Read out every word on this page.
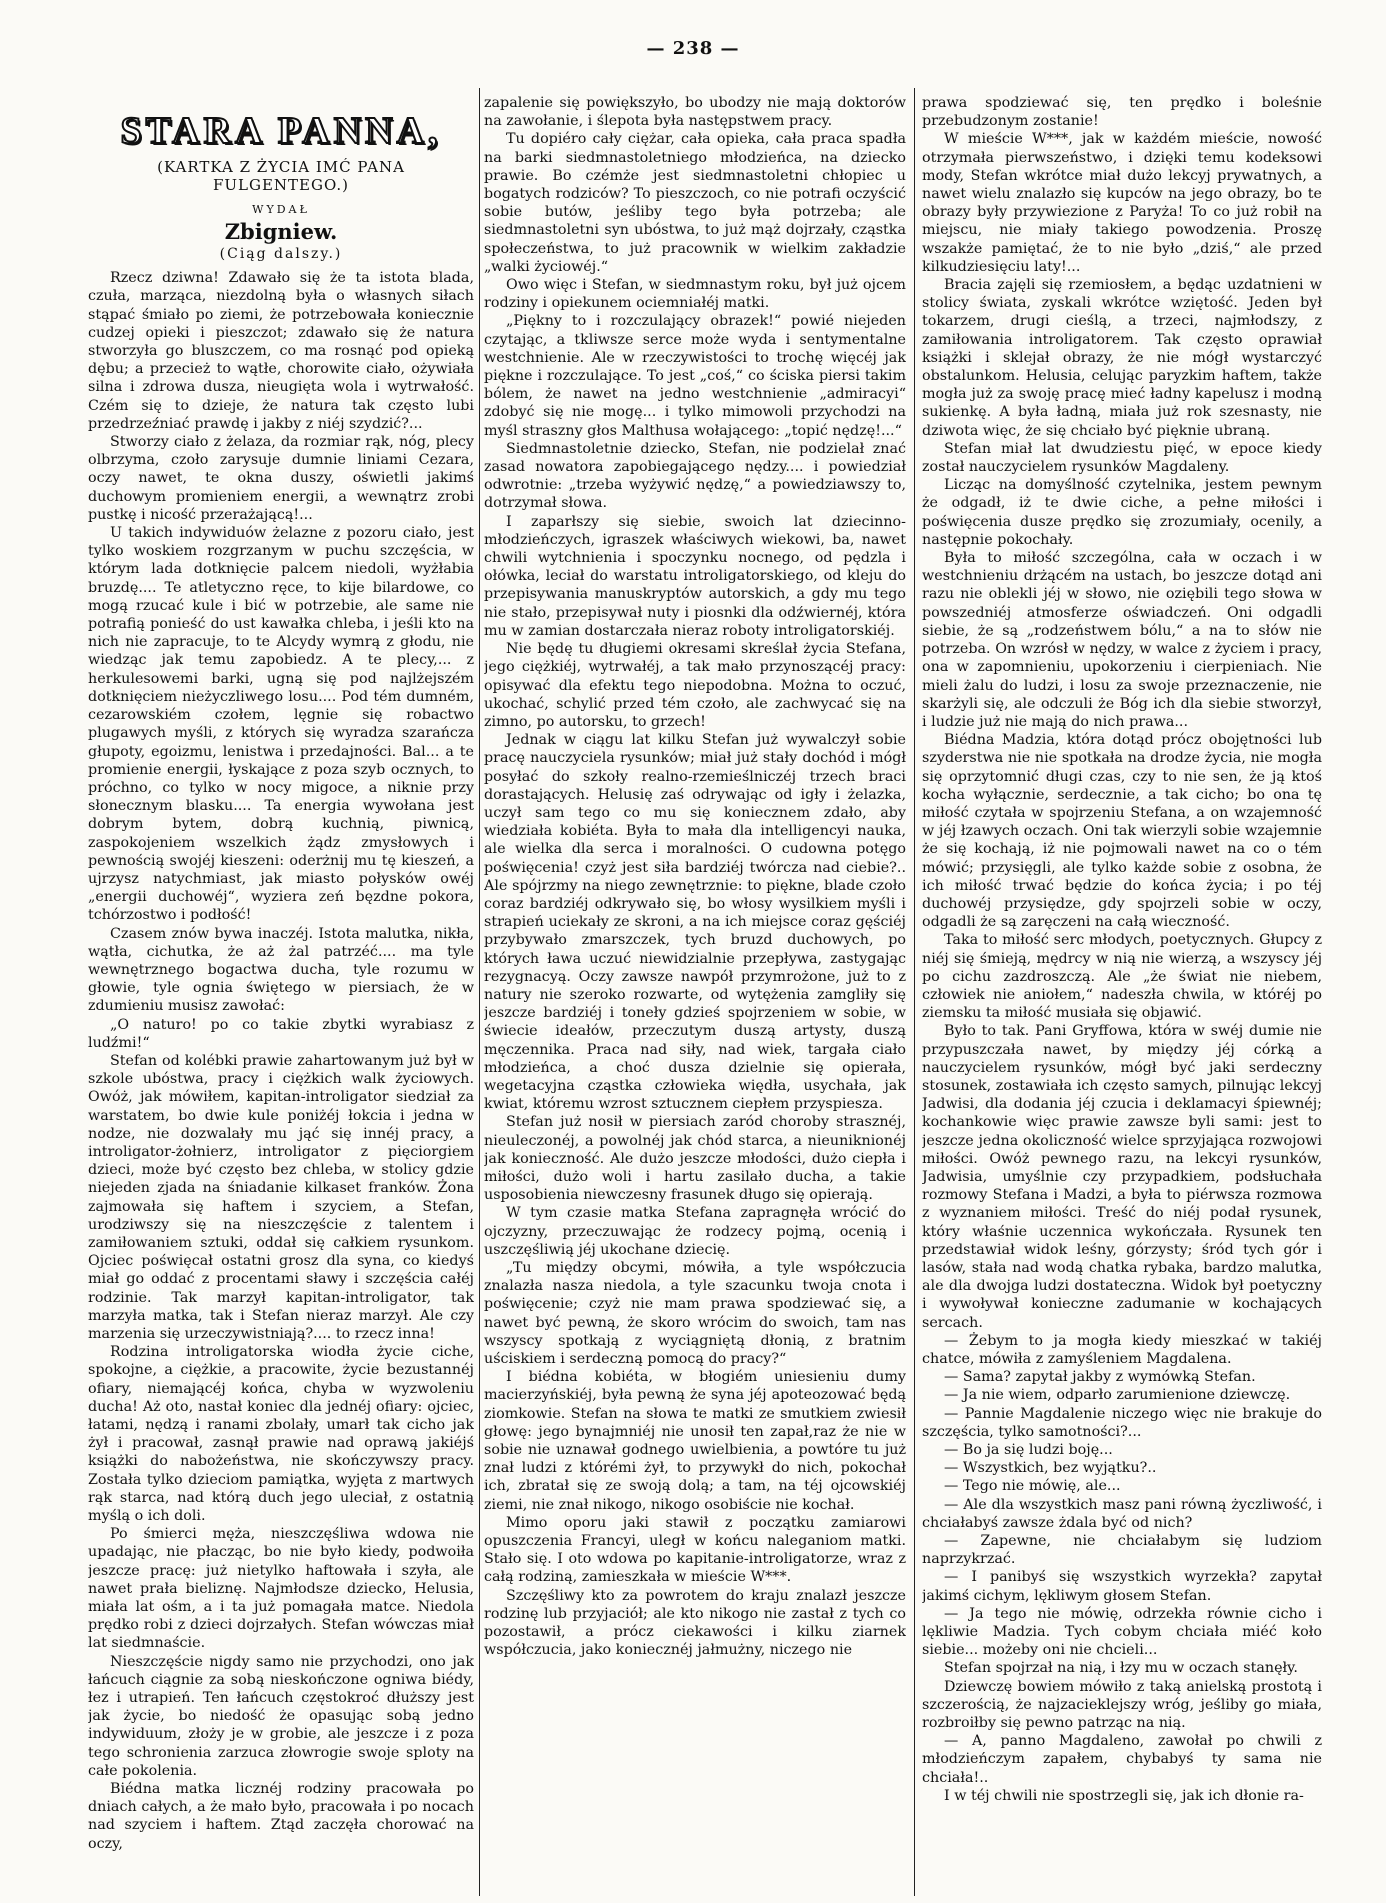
— 238 —
STARA PANNA,
(KARTKA Z ŻYCIA IMĆ PANA FULGENTEGO.)
WYDAŁ
Zbigniew.
(Ciąg dalszy.)

Rzecz dziwna! Zdawało się że ta istota blada, czuła, marząca, niezdolną była o własnych siłach stąpać śmiało po ziemi, że potrzebowała koniecznie cudzej opieki i pieszczot; zdawało się że natura stworzyła go bluszczem, co ma rosnąć pod opieką dębu; a przecież to wątłe, chorowite ciało, ożywiała silna i zdrowa dusza, nieugięta wola i wytrwałość. Czém się to dzieje, że natura tak często lubi przedrzeźniać prawdę i jakby z niéj szydzić?...

Stworzy ciało z żelaza, da rozmiar rąk, nóg, plecy olbrzyma, czoło zarysuje dumnie liniami Cezara, oczy nawet, te okna duszy, oświetli jakimś duchowym promieniem energii, a wewnątrz zrobi pustkę i nicość przerażającą!...

U takich indywiduów żelazne z pozoru ciało, jest tylko woskiem rozgrzanym w puchu szczęścia, w którym lada dotknięcie palcem niedoli, wyżłabia bruzdę.... Te atletyczno ręce, to kije bilardowe, co mogą rzucać kule i bić w potrzebie, ale same nie potrafią ponieść do ust kawałka chleba, i jeśli kto na nich nie zapracuje, to te Alcydy wymrą z głodu, nie wiedząc jak temu zapobiedz. A te plecy,... z herkulesowemi barki, ugną się pod najlżejszém dotknięciem nieżyczliwego losu.... Pod tém dumném, cezarowskiém czołem, lęgnie się robactwo plugawych myśli, z których się wyradza szarańcza głupoty, egoizmu, lenistwa i przedajności. Bal... a te promienie energii, łyskające z poza szyb ocznych, to próchno, co tylko w nocy migoce, a niknie przy słonecznym blasku.... Ta energia wywołana jest dobrym bytem, dobrą kuchnią, piwnicą, zaspokojeniem wszelkich żądz zmysłowych i pewnością swojéj kieszeni: oderżnij mu tę kieszeń, a ujrzysz natychmiast, jak miasto połysków owéj „energii duchowéj“, wyziera zeń bęzdne pokora, tchórzostwo i podłość!

Czasem znów bywa inaczéj. Istota malutka, nikła, wątła, cichutka, że aż żal patrzéć.... ma tyle wewnętrznego bogactwa ducha, tyle rozumu w głowie, tyle ognia świętego w piersiach, że w zdumieniu musisz zawołać:

„O naturo! po co takie zbytki wyrabiasz z ludźmi!“

Stefan od kolébki prawie zahartowanym już był w szkole ubóstwa, pracy i ciężkich walk życiowych. Owóż, jak mówiłem, kapitan-introligator siedział za warstatem, bo dwie kule poniżéj łokcia i jedna w nodze, nie dozwalały mu jąć się innéj pracy, a introligator-żołnierz, introligator z pięciorgiem dzieci, może być często bez chleba, w stolicy gdzie niejeden zjada na śniadanie kilkaset franków. Żona zajmowała się haftem i szyciem, a Stefan, urodziwszy się na nieszczęście z talentem i zamiłowaniem sztuki, oddał się całkiem rysunkom. Ojciec poświęcał ostatni grosz dla syna, co kiedyś miał go oddać z procentami sławy i szczęścia całéj rodzinie. Tak marzył kapitan-introligator, tak marzyła matka, tak i Stefan nieraz marzył. Ale czy marzenia się urzeczywistniają?.... to rzecz inna!

Rodzina introligatorska wiodła życie ciche, spokojne, a ciężkie, a pracowite, życie bezustannéj ofiary, niemającéj końca, chyba w wyzwoleniu ducha! Aż oto, nastał koniec dla jednéj ofiary: ojciec, łatami, nędzą i ranami zbolały, umarł tak cicho jak żył i pracował, zasnął prawie nad oprawą jakiéjś książki do nabożeństwa, nie skończywszy pracy. Została tylko dzieciom pamiątka, wyjęta z martwych rąk starca, nad którą duch jego uleciał, z ostatnią myślą o ich doli.

Po śmierci męża, nieszczęśliwa wdowa nie upadając, nie płacząc, bo nie było kiedy, podwoiła jeszcze pracę: już nietylko haftowała i szyła, ale nawet prała bieliznę. Najmłodsze dziecko, Helusia, miała lat ośm, a i ta już pomagała matce. Niedola prędko robi z dzieci dojrzałych. Stefan wówczas miał lat siedmnaście.

Nieszczęście nigdy samo nie przychodzi, ono jak łańcuch ciągnie za sobą nieskończone ogniwa biédy, łez i utrapień. Ten łańcuch częstokroć dłuższy jest jak życie, bo niedość że opasując sobą jedno indywiduum, złoży je w grobie, ale jeszcze i z poza tego schronienia zarzuca złowrogie swoje sploty na całe pokolenia.

Biédna matka licznéj rodziny pracowała po dniach całych, a że mało było, pracowała i po nocach nad szyciem i haftem. Ztąd zaczęła chorować na oczy,

zapalenie się powiększyło, bo ubodzy nie mają doktorów na zawołanie, i ślepota była następstwem pracy.

Tu dopiéro cały ciężar, cała opieka, cała praca spadła na barki siedmnastoletniego młodzieńca, na dziecko prawie. Bo czémże jest siedmnastoletni chłopiec u bogatych rodziców? To pieszczoch, co nie potrafi oczyścić sobie butów, jeśliby tego była potrzeba; ale siedmnastoletni syn ubóstwa, to już mąż dojrzały, cząstka społeczeństwa, to już pracownik w wielkim zakładzie „walki życiowéj.“

Owo więc i Stefan, w siedmnastym roku, był już ojcem rodziny i opiekunem ociemniałéj matki.

„Piękny to i rozczulający obrazek!“ powié niejeden czytając, a tkliwsze serce może wyda i sentymentalne westchnienie. Ale w rzeczywistości to trochę więcéj jak piękne i rozczulające. To jest „coś,“ co ściska piersi takim bólem, że nawet na jedno westchnienie „admiracyi“ zdobyć się nie mogę... i tylko mimowoli przychodzi na myśl straszny głos Malthusa wołającego: „topić nędzę!...“

Siedmnastoletnie dziecko, Stefan, nie podzielał znać zasad nowatora zapobiegającego nędzy.... i powiedział odwrotnie: „trzeba wyżywić nędzę,“ a powiedziawszy to, dotrzymał słowa.

I zaparłszy się siebie, swoich lat dziecinno-młodzieńczych, igraszek właściwych wiekowi, ba, nawet chwili wytchnienia i spoczynku nocnego, od pędzla i ołówka, leciał do warstatu introligatorskiego, od kleju do przepisywania manuskryptów autorskich, a gdy mu tego nie stało, przepisywał nuty i piosnki dla odźwiernéj, która mu w zamian dostarczała nieraz roboty introligatorskiéj.

Nie będę tu długiemi okresami skreślał życia Stefana, jego ciężkiéj, wytrwałéj, a tak mało przynoszącéj pracy: opisywać dla efektu tego niepodobna. Można to oczuć, ukochać, schylić przed tém czoło, ale zachwycać się na zimno, po autorsku, to grzech!

Jednak w ciągu lat kilku Stefan już wywalczył sobie pracę nauczyciela rysunków; miał już stały dochód i mógł posyłać do szkoły realno-rzemieślniczéj trzech braci dorastających. Helusię zaś odrywając od igły i żelazka, uczył sam tego co mu się koniecznem zdało, aby wiedziała kobiéta. Była to mała dla intelligencyi nauka, ale wielka dla serca i moralności. O cudowna potęgo poświęcenia! czyż jest siła bardziéj twórcza nad ciebie?.. Ale spójrzmy na niego zewnętrznie: to piękne, blade czoło coraz bardziéj odkrywało się, bo włosy wysilkiem myśli i strapień uciekały ze skroni, a na ich miejsce coraz gęściéj przybywało zmarszczek, tych bruzd duchowych, po których ława uczuć niewidzialnie przepływa, zastygając rezygnacyą. Oczy zawsze nawpół przymrożone, już to z natury nie szeroko rozwarte, od wytężenia zamgliły się jeszcze bardziéj i toneły gdzieś spojrzeniem w sobie, w świecie ideałów, przeczutym duszą artysty, duszą męczennika. Praca nad siły, nad wiek, targała ciało młodzieńca, a choć dusza dzielnie się opierała, wegetacyjna cząstka człowieka więdła, usychała, jak kwiat, któremu wzrost sztucznem ciepłem przyspiesza.

Stefan już nosił w piersiach zaród choroby strasznéj, nieuleczonéj, a powolnéj jak chód starca, a nieuniknionéj jak konieczność. Ale dużo jeszcze młodości, dużo ciepła i miłości, dużo woli i hartu zasilało ducha, a takie usposobienia niewczesny frasunek długo się opierają.

W tym czasie matka Stefana zapragnęła wrócić do ojczyzny, przeczuwając że rodzecy pojmą, ocenią i uszczęśliwią jéj ukochane dziecię.

„Tu między obcymi, mówiła, a tyle współczucia znalazła nasza niedola, a tyle szacunku twoja cnota i poświęcenie; czyż nie mam prawa spodziewać się, a nawet być pewną, że skoro wrócim do swoich, tam nas wszyscy spotkają z wyciągniętą dłonią, z bratnim uściskiem i serdeczną pomocą do pracy?“

I biédna kobiéta, w błogiém uniesieniu dumy macierzyńskiéj, była pewną że syna jéj apoteozować będą ziomkowie. Stefan na słowa te matki ze smutkiem zwiesił głowę: jego bynajmniéj nie unosił ten zapał,raz że nie w sobie nie uznawał godnego uwielbienia, a powtóre tu już znał ludzi z którémi żył, to przywykł do nich, pokochał ich, zbratał się ze swoją dolą; a tam, na téj ojcowskiéj ziemi, nie znał nikogo, nikogo osobiście nie kochał.

Mimo oporu jaki stawił z początku zamiarowi opuszczenia Francyi, uległ w końcu naleganiom matki. Stało się. I oto wdowa po kapitanie-introligatorze, wraz z całą rodziną, zamieszkała w mieście W***.

Szczęśliwy kto za powrotem do kraju znalazł jeszcze rodzinę lub przyjaciół; ale kto nikogo nie zastał z tych co pozostawił, a prócz ciekawości i kilku ziarnek współczucia, jako koniecznéj jałmużny, niczego nie

prawa spodziewać się, ten prędko i boleśnie przebudzonym zostanie!

W mieście W***, jak w każdém mieście, nowość otrzymała pierwszeństwo, i dzięki temu kodeksowi mody, Stefan wkrótce miał dużo lekcyj prywatnych, a nawet wielu znalazło się kupców na jego obrazy, bo te obrazy były przywiezione z Paryża! To co już robił na miejscu, nie miały takiego powodzenia. Proszę wszakże pamiętać, że to nie było „dziś,“ ale przed kilkudziesięciu laty!...

Bracia zajęli się rzemiosłem, a będąc uzdatnieni w stolicy świata, zyskali wkrótce wziętość. Jeden był tokarzem, drugi cieślą, a trzeci, najmłodszy, z zamiłowania introligatorem. Tak często oprawiał książki i sklejał obrazy, że nie mógł wystarczyć obstalunkom. Helusia, celując paryzkim haftem, także mogła już za swoję pracę mieć ładny kapelusz i modną sukienkę. A była ładną, miała już rok szesnasty, nie dziwota więc, że się chciało być pięknie ubraną.

Stefan miał lat dwudziestu pięć, w epoce kiedy został nauczycielem rysunków Magdaleny.

Licząc na domyślność czytelnika, jestem pewnym że odgadł, iż te dwie ciche, a pełne miłości i poświęcenia dusze prędko się zrozumiały, ocenily, a następnie pokochały.

Była to miłość szczególna, cała w oczach i w westchnieniu drżącém na ustach, bo jeszcze dotąd ani razu nie oblekli jéj w słowo, nie oziębili tego słowa w powszedniéj atmosferze oświadczeń. Oni odgadli siebie, że są „rodzeństwem bólu,“ a na to słów nie potrzeba. On wzrósł w nędzy, w walce z życiem i pracy, ona w zapomnieniu, upokorzeniu i cierpieniach. Nie mieli żalu do ludzi, i losu za swoje przeznaczenie, nie skarżyli się, ale odczuli że Bóg ich dla siebie stworzył, i ludzie już nie mają do nich prawa...

Biédna Madzia, która dotąd prócz obojętności lub szyderstwa nie nie spotkała na drodze życia, nie mogła się oprzytomnić długi czas, czy to nie sen, że ją ktoś kocha wyłącznie, serdecznie, a tak cicho; bo ona tę miłość czytała w spojrzeniu Stefana, a on wzajemność w jéj łzawych oczach. Oni tak wierzyli sobie wzajemnie że się kochają, iż nie pojmowali nawet na co o tém mówić; przysięgli, ale tylko każde sobie z osobna, że ich miłość trwać będzie do końca życia; i po téj duchowéj przysiędze, gdy spojrzeli sobie w oczy, odgadli że są zaręczeni na całą wieczność.

Taka to miłość serc młodych, poetycznych. Głupcy z niéj się śmieją, mędrcy w nią nie wierzą, a wszyscy jéj po cichu zazdroszczą. Ale „że świat nie niebem, człowiek nie aniołem,“ nadeszła chwila, w któréj po ziemsku ta miłość musiała się objawić.

Było to tak. Pani Gryffowa, która w swéj dumie nie przypuszczała nawet, by między jéj córką a nauczycielem rysunków, mógł być jaki serdeczny stosunek, zostawiała ich często samych, pilnując lekcyj Jadwisi, dla dodania jéj czucia i deklamacyi śpiewnéj; kochankowie więc prawie zawsze byli sami: jest to jeszcze jedna okoliczność wielce sprzyjająca rozwojowi miłości. Owóż pewnego razu, na lekcyi rysunków, Jadwisia, umyślnie czy przypadkiem, podsłuchała rozmowy Stefana i Madzi, a była to piérwsza rozmowa z wyznaniem miłości. Treść do niéj podał rysunek, który właśnie uczennica wykończała. Rysunek ten przedstawiał widok leśny, górzysty; śród tych gór i lasów, stała nad wodą chatka rybaka, bardzo malutka, ale dla dwojga ludzi dostateczna. Widok był poetyczny i wywoływał konieczne zadumanie w kochających sercach.

— Żebym to ja mogła kiedy mieszkać w takiéj chatce, mówiła z zamyśleniem Magdalena.

— Sama? zapytał jakby z wymówką Stefan.

— Ja nie wiem, odparło zarumienione dziewczę.

— Pannie Magdalenie niczego więc nie brakuje do szczęścia, tylko samotności?...

— Bo ja się ludzi boję...

— Wszystkich, bez wyjątku?..

— Tego nie mówię, ale...

— Ale dla wszystkich masz pani równą życzliwość, i chciałabyś zawsze żdala być od nich?

— Zapewne, nie chciałabym się ludziom naprzykrzać.

— I panibyś się wszystkich wyrzekła? zapytał jakimś cichym, lękliwym głosem Stefan.

— Ja tego nie mówię, odrzekła równie cicho i lękliwie Madzia. Tych cobym chciała miéć koło siebie... możeby oni nie chcieli...

Stefan spojrzał na nią, i łzy mu w oczach stanęły.

Dziewczę bowiem mówiło z taką anielską prostotą i szczerością, że najzacieklejszy wróg, jeśliby go miała, rozbroiłby się pewno patrząc na nią.

— A, panno Magdaleno, zawołał po chwili z młodzieńczym zapałem, chybabyś ty sama nie chciała!..

I w téj chwili nie spostrzegli się, jak ich dłonie ra-
